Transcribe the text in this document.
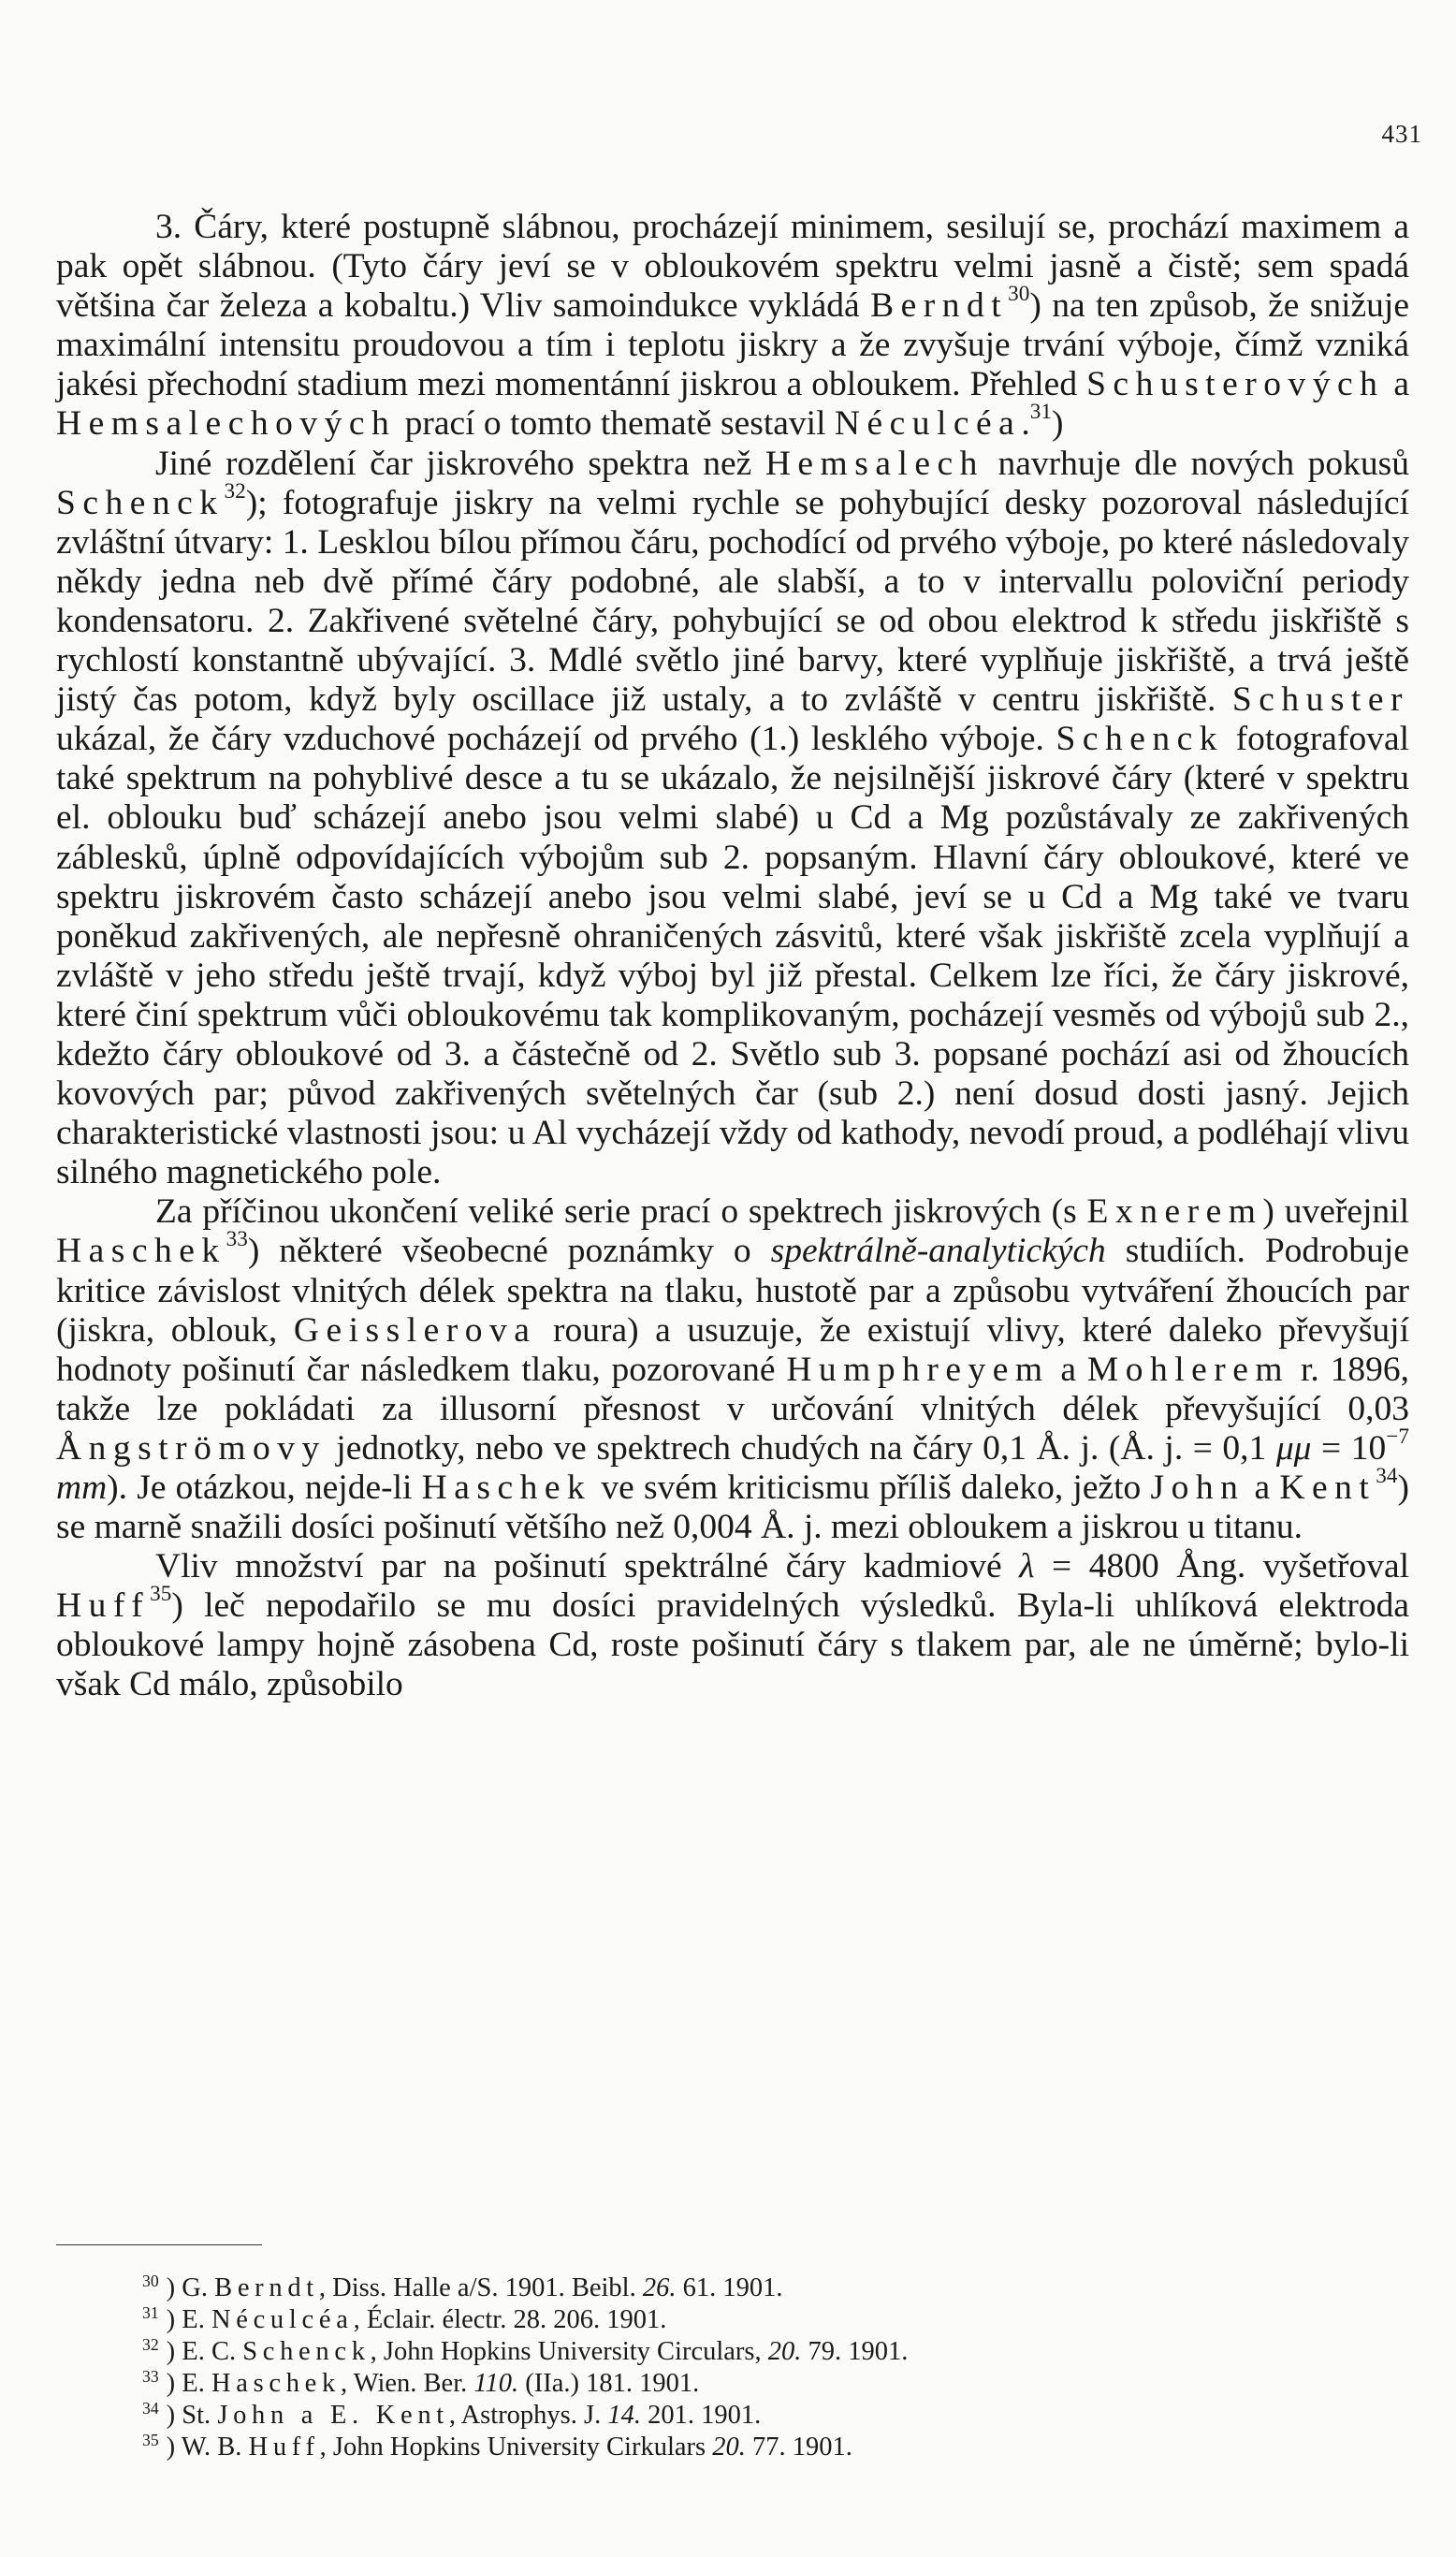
431

3. Čáry, které postupně slábnou, procházejí minimem, sesilují se, prochází maximem a pak opět slábnou. (Tyto čáry jeví se v obloukovém spektru velmi jasně a čistě; sem spadá většina čar železa a kobaltu.) Vliv samoindukce vykládá Berndt$^{30}$) na ten způsob, že snižuje maximální intensitu proudovou a tím i teplotu jiskry a že zvyšuje trvání výboje, čímž vzniká jakési přechodní stadium mezi momentánní jiskrou a obloukem. Přehled Schusterových a Hemsalechových prací o tomto thematě sestavil Néculcéa.$^{31}$)

Jiné rozdělení čar jiskrového spektra než Hemsalech navrhuje dle nových pokusů Schenck$^{32}$); fotografuje jiskry na velmi rychle se pohybující desky pozoroval následující zvláštní útvary: 1. Lesklou bílou přímou čáru, pochodící od prvého výboje, po které následovaly někdy jedna neb dvě přímé čáry podobné, ale slabší, a to v intervallu poloviční periody kondensatoru. 2. Zakřivené světelné čáry, pohybující se od obou elektrod k středu jiskřiště s rychlostí konstantně ubývající. 3. Mdlé světlo jiné barvy, které vyplňuje jiskřiště, a trvá ještě jistý čas potom, když byly oscillace již ustaly, a to zvláště v centru jiskřiště. Schuster ukázal, že čáry vzduchové pocházejí od prvého (1.) lesklého výboje. Schenck fotografoval také spektrum na pohyblivé desce a tu se ukázalo, že nejsilnější jiskrové čáry (které v spektru el. oblouku buď scházejí anebo jsou velmi slabé) u Cd a Mg pozůstávaly ze zakřivených záblesků, úplně odpovídajících výbojům sub 2. popsaným. Hlavní čáry obloukové, které ve spektru jiskrovém často scházejí anebo jsou velmi slabé, jeví se u Cd a Mg také ve tvaru poněkud zakřivených, ale nepřesně ohraničených zásvitů, které však jiskřiště zcela vyplňují a zvláště v jeho středu ještě trvají, když výboj byl již přestal. Celkem lze říci, že čáry jiskrové, které činí spektrum vůči obloukovému tak komplikovaným, pocházejí vesměs od výbojů sub 2., kdežto čáry obloukové od 3. a částečně od 2. Světlo sub 3. popsané pochází asi od žhoucích kovových par; původ zakřivených světelných čar (sub 2.) není dosud dosti jasný. Jejich charakteristické vlastnosti jsou: u Al vycházejí vždy od kathody, nevodí proud, a podléhají vlivu silného magnetického pole.

Za příčinou ukončení veliké serie prací o spektrech jiskrových (s Exnerem) uveřejnil Haschek$^{33}$) některé všeobecné poznámky o spektrálně-analytických studiích. Podrobuje kritice závislost vlnitých délek spektra na tlaku, hustotě par a způsobu vytváření žhoucích par (jiskra, oblouk, Geisslerova roura) a usuzuje, že existují vlivy, které daleko převyšují hodnoty pošinutí čar následkem tlaku, pozorované Humphreyem a Mohlerem r. 1896, takže lze pokládati za illusorní přesnost v určování vlnitých délek převyšující 0,03 Ångströmovy jednotky, nebo ve spektrech chudých na čáry 0,1 Å. j. (Å. j. = 0,1 $\mu\mu = 10^{-7}$ mm). Je otázkou, nejde-li Haschek ve svém kriticismu příliš daleko, ježto John a Kent$^{34}$) se marně snažili dosíci pošinutí většího než 0,004 Å. j. mezi obloukem a jiskrou u titanu.

Vliv množství par na pošinutí spektrálné čáry kadmiové λ = 4800 Ång. vyšetřoval Huff$^{35}$) leč nepodařilo se mu dosíci pravidelných výsledků. Byla-li uhlíková elektroda obloukové lampy hojně zásobena Cd, roste pošinutí čáry s tlakem par, ale ne úměrně; bylo-li však Cd málo, způsobilo

$^{30}$ ) G. Berndt, Diss. Halle a/S. 1901. Beibl. 26. 61. 1901.
$^{31}$ ) E. Néculcéa, Éclair. électr. 28. 206. 1901.
$^{32}$ ) E. C. Schenck, John Hopkins University Circulars, 20. 79. 1901.
$^{33}$ ) E. Haschek, Wien. Ber. 110. (IIa.) 181. 1901.
$^{34}$ ) St. John a E. Kent, Astrophys. J. 14. 201. 1901.
$^{35}$ ) W. B. Huff, John Hopkins University Cirkulars 20. 77. 1901.
